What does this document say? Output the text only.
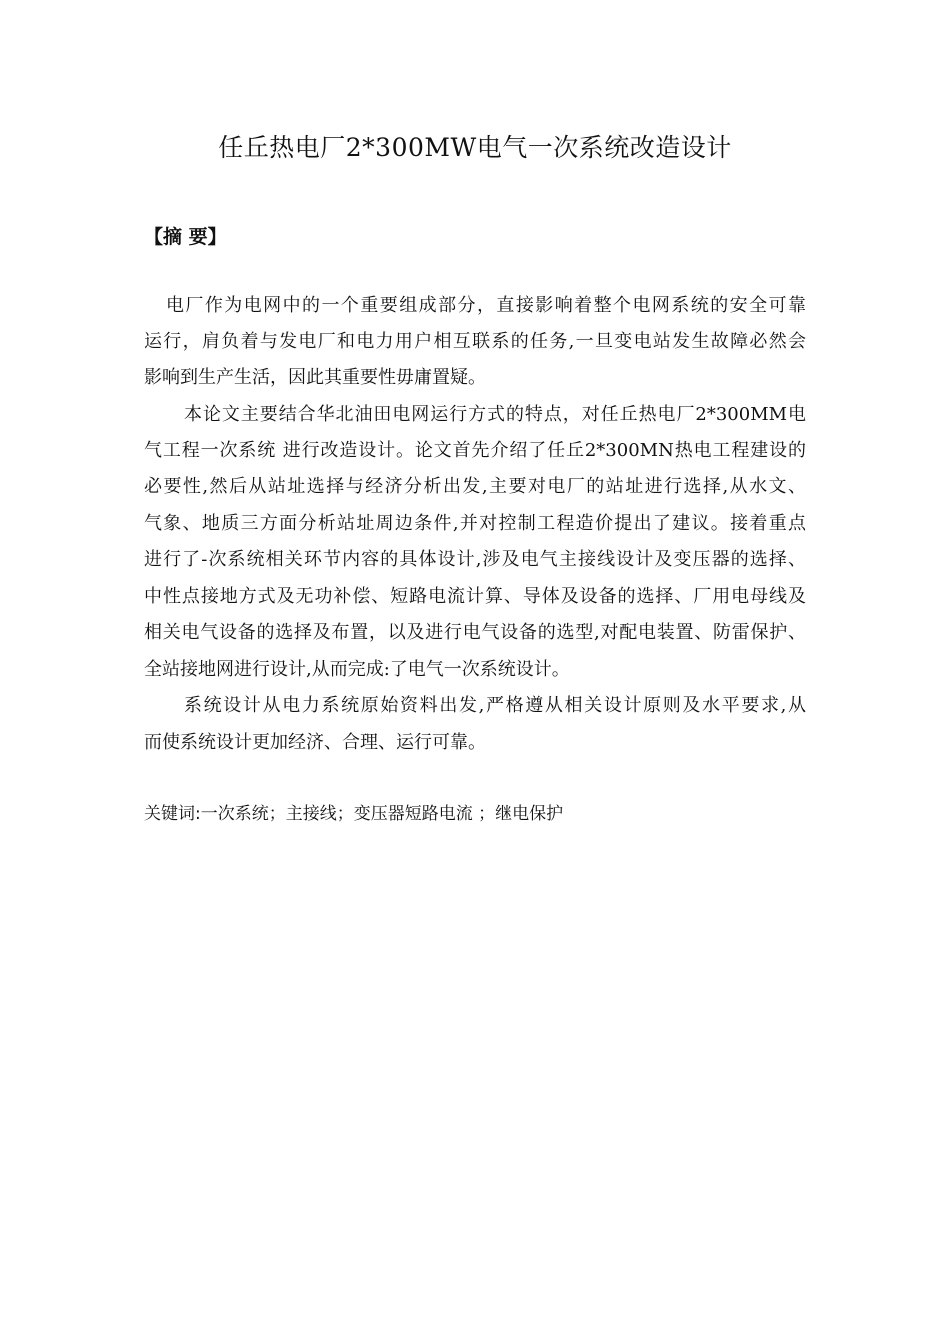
任丘热电厂2*300MW电气一次系统改造设计
【摘 要】
电厂作为电网中的一个重要组成部分，直接影响着整个电网系统的安全可靠
运行，肩负着与发电厂和电力用户相互联系的任务,一旦变电站发生故障必然会
影响到生产生活，因此其重要性毋庸置疑。
本论文主要结合华北油田电网运行方式的特点，对任丘热电厂2*300MM电
气工程一次系统 进行改造设计。论文首先介绍了任丘2*300MN热电工程建设的
必要性,然后从站址选择与经济分析出发,主要对电厂的站址进行选择,从水文、
气象、地质三方面分析站址周边条件,并对控制工程造价提出了建议。接着重点
进行了-次系统相关环节内容的具体设计,涉及电气主接线设计及变压器的选择、
中性点接地方式及无功补偿、短路电流计算、导体及设备的选择、厂用电母线及
相关电气设备的选择及布置，以及进行电气设备的选型,对配电装置、防雷保护、
全站接地网进行设计,从而完成:了电气一次系统设计。
系统设计从电力系统原始资料出发,严格遵从相关设计原则及水平要求,从
而使系统设计更加经济、合理、运行可靠。
关键词:一次系统；主接线；变压器短路电流 ；继电保护
